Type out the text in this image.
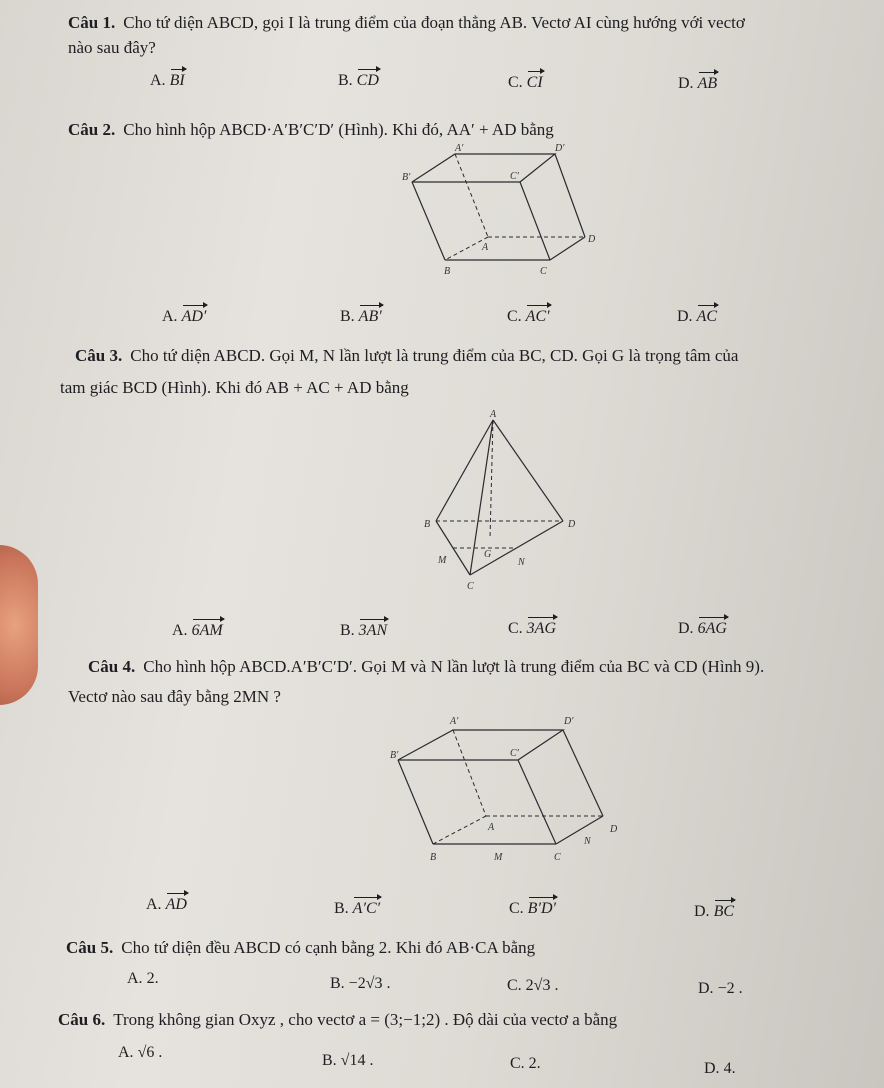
Câu 1. Cho tứ diện ABCD, gọi I là trung điểm của đoạn thẳng AB. Vectơ AI cùng hướng với vectơ
nào sau đây?
A. BI	B. CD	C. CI	D. AB
Câu 2. Cho hình hộp ABCD·A′B′C′D′ (Hình). Khi đó, AA′ + AD bằng
A′	D′
B′	C′
A
D
B	C
A. AD′	B. AB′	C. AC′	D. AC
Câu 3. Cho tứ diện ABCD. Gọi M, N lần lượt là trung điểm của BC, CD. Gọi G là trọng tâm của
tam giác BCD (Hình). Khi đó AB + AC + AD bằng
A
B	D
M
G
N
C
A. 6AM	B. 3AN	C. 3AG	D. 6AG
Câu 4. Cho hình hộp ABCD.A′B′C′D′. Gọi M và N lần lượt là trung điểm của BC và CD (Hình 9).
Vectơ nào sau đây bằng 2MN ?
A′	D′
B′	C′
A	D
N
B	M	C
A. AD	B. A′C′	C. B′D′	D. BC
Câu 5. Cho tứ diện đều ABCD có cạnh bằng 2. Khi đó AB·CA bằng
A. 2.	B. −2√3 .	C. 2√3 .	D. −2 .
Câu 6. Trong không gian Oxyz , cho vectơ a = (3;−1;2) . Độ dài của vectơ a bằng
A. √6 .	B. √14 .	C. 2.	D. 4.
